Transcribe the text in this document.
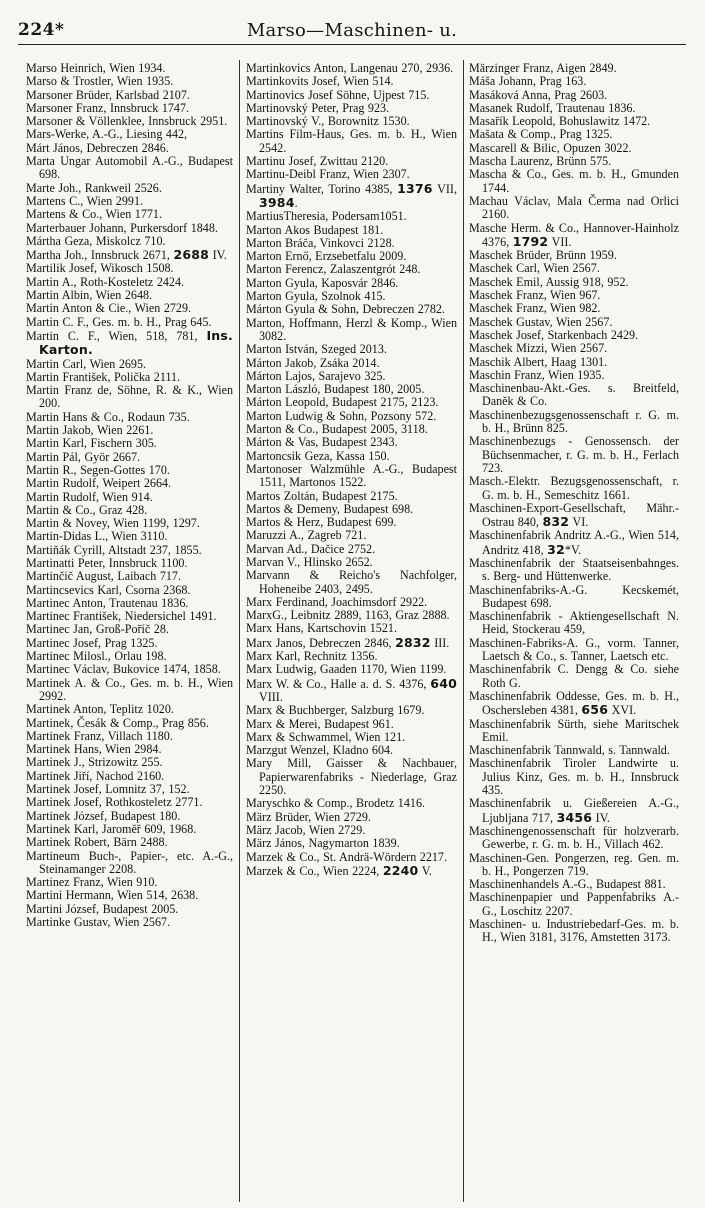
224*	Marso—Maschinen- u.

Marso Heinrich, Wien 1934.

Marso & Trostler, Wien 1935.

Marsoner Brüder, Karlsbad 2107.

Marsoner Franz, Innsbruck 1747.

Marsoner & Völlenklee, Innsbruck 2951.

Mars-Werke, A.-G., Liesing 442,

Márt János, Debreczen 2846.

Marta Ungar Automobil A.-G., Budapest 698.

Marte Joh., Rankweil 2526.

Martens C., Wien 2991.

Martens & Co., Wien 1771.

Marterbauer Johann, Purkersdorf 1848.

Mártha Geza, Miskolcz 710.

Martha Joh., Innsbruck 2671, 2688 IV.

Martilik Josef, Wikosch 1508.

Martin A., Roth-Kosteletz 2424.

Martin Albin, Wien 2648.

Martin Anton & Cie., Wien 2729.

Martin C. F., Ges. m. b. H., Prag 645.

Martin C. F., Wien, 518, 781, Ins. Karton.

Martin Carl, Wien 2695.

Martin František, Polička 2111.

Martin Franz de, Söhne, R. & K., Wien 200.

Martin Hans & Co., Rodaun 735.

Martin Jakob, Wien 2261.

Martin Karl, Fischern 305.

Martin Pál, Györ 2667.

Martin R., Segen-Gottes 170.

Martin Rudolf, Weipert 2664.

Martin Rudolf, Wien 914.

Martin & Co., Graz 428.

Martin & Novey, Wien 1199, 1297.

Martin-Didas L., Wien 3110.

Martiňák Cyrill, Altstadt 237, 1855.

Martinatti Peter, Innsbruck 1100.

Martinčič August, Laibach 717.

Martincsevics Karl, Csorna 2368.

Martinec Anton, Trautenau 1836.

Martinec František, Niedersichel 1491.

Martinec Jan, Groß-Poříč 28.

Martinec Josef, Prag 1325.

Martinec Milosl., Orlau 198.

Martinec Václav, Bukovice 1474, 1858.

Martinek A. & Co., Ges. m. b. H., Wien 2992.

Martinek Anton, Teplitz 1020.

Martinek, Česák & Comp., Prag 856.

Martinek Franz, Villach 1180.

Martinek Hans, Wien 2984.

Martinek J., Strizowitz 255.

Martinek Jiří, Nachod 2160.

Martinek Josef, Lomnitz 37, 152.

Martinek Josef, Rothkosteletz 2771.

Martinek József, Budapest 180.

Martinek Karl, Jaroměř 609, 1968.

Martinek Robert, Bärn 2488.

Martineum Buch-, Papier-, etc. A.-G., Steinamanger 2208.

Martinez Franz, Wien 910.

Martini Hermann, Wien 514, 2638.

Martini József, Budapest 2005.

Martinke Gustav, Wien 2567.

Martinkovics Anton, Langenau 270, 2936.

Martinkovits Josef, Wien 514.

Martinovics Josef Söhne, Ujpest 715.

Martinovský Peter, Prag 923.

Martinovský V., Borownitz 1530.

Martins Film-Haus, Ges. m. b. H., Wien 2542.

Martinu Josef, Zwittau 2120.

Martinu-Deibl Franz, Wien 2307.

Martiny Walter, Torino 4385, 1376 VII, 3984.

MartiusTheresia, Podersam1051.

Marton Akos Budapest 181.

Marton Bráča, Vinkovci 2128.

Marton Ernő, Erzsebetfalu 2009.

Marton Ferencz, Zalaszentgrót 248.

Marton Gyula, Kaposvár 2846.

Marton Gyula, Szolnok 415.

Márton Gyula & Sohn, Debreczen 2782.

Marton, Hoffmann, Herzl & Komp., Wien 3082.

Marton István, Szeged 2013.

Márton Jakob, Zsáka 2014.

Márton Lajos, Sarajevo 325.

Marton László, Budapest 180, 2005.

Márton Leopold, Budapest 2175, 2123.

Marton Ludwig & Sohn, Pozsony 572.

Marton & Co., Budapest 2005, 3118.

Márton & Vas, Budapest 2343.

Martoncsik Geza, Kassa 150.

Martonoser Walzmühle A.-G., Budapest 1511, Martonos 1522.

Martos Zoltán, Budapest 2175.

Martos & Demeny, Budapest 698.

Martos & Herz, Budapest 699.

Maruzzi A., Zagreb 721.

Marvan Ad., Dačice 2752.

Marvan V., Hlinsko 2652.

Marvann & Reicho's Nachfolger, Hoheneibe 2403, 2495.

Marx Ferdinand, Joachimsdorf 2922.

MarxG., Leibnitz 2889, 1163, Graz 2888.

Marx Hans, Kartschovin 1521.

Marx Janos, Debreczen 2846, 2832 III.

Marx Karl, Rechnitz 1356.

Marx Ludwig, Gaaden 1170, Wien 1199.

Marx W. & Co., Halle a. d. S. 4376, 640 VIII.

Marx & Buchberger, Salzburg 1679.

Marx & Merei, Budapest 961.

Marx & Schwammel, Wien 121.

Marzgut Wenzel, Kladno 604.

Mary Mill, Gaisser & Nachbauer, Papierwarenfabriks - Niederlage, Graz 2250.

Maryschko & Comp., Brodetz 1416.

März Brüder, Wien 2729.

März Jacob, Wien 2729.

März János, Nagymarton 1839.

Marzek & Co., St. Andrä-Wördern 2217.

Marzek & Co., Wien 2224, 2240 V.

Märzinger Franz, Aigen 2849.

Máša Johann, Prag 163.

Masáková Anna, Prag 2603.

Masanek Rudolf, Trautenau 1836.

Masařík Leopold, Bohuslawitz 1472.

Mašata & Comp., Prag 1325.

Mascarell & Bilic, Opuzen 3022.

Mascha Laurenz, Brünn 575.

Mascha & Co., Ges. m. b. H., Gmunden 1744.

Machau Václav, Mala Čerma nad Orlici 2160.

Masche Herm. & Co., Hannover-Hainholz 4376, 1792 VII.

Maschek Brüder, Brünn 1959.

Maschek Carl, Wien 2567.

Maschek Emil, Aussig 918, 952.

Maschek Franz, Wien 967.

Maschek Franz, Wien 982.

Maschek Gustav, Wien 2567.

Maschek Josef, Starkenbach 2429.

Maschek Mizzi, Wien 2567.

Maschik Albert, Haag 1301.

Maschin Franz, Wien 1935.

Maschinenbau-Akt.-Ges. s. Breitfeld, Daněk & Co.

Maschinenbezugsgenossenschaft r. G. m. b. H., Brünn 825.

Maschinenbezugs - Genossensch. der Büchsenmacher, r. G. m. b. H., Ferlach 723.

Masch.-Elektr. Bezugsgenossenschaft, r. G. m. b. H., Semeschitz 1661.

Maschinen-Export-Gesellschaft, Mähr.-Ostrau 840, 832 VI.

Maschinenfabrik Andritz A.-G., Wien 514, Andritz 418, 32*V.

Maschinenfabrik der Staatseisenbahnges. s. Berg- und Hüttenwerke.

Maschinenfabriks-A.-G. Kecskemét, Budapest 698.

Maschinenfabrik - Aktiengesellschaft N. Heid, Stockerau 459,

Maschinen-Fabriks-A. G., vorm. Tanner, Laetsch & Co., s. Tanner, Laetsch etc.

Maschinenfabrik C. Dengg & Co. siehe Roth G.

Maschinenfabrik Oddesse, Ges. m. b. H., Oschersleben 4381, 656 XVI.

Maschinenfabrik Sürth, siehe Maritschek Emil.

Maschinenfabrik Tannwald, s. Tannwald.

Maschinenfabrik Tiroler Landwirte u. Julius Kinz, Ges. m. b. H., Innsbruck 435.

Maschinenfabrik u. Gießereien A.-G., Ljubljana 717, 3456 IV.

Maschinengenossenschaft für holzverarb. Gewerbe, r. G. m. b. H., Villach 462.

Maschinen-Gen. Pongerzen, reg. Gen. m. b. H., Pongerzen 719.

Maschinenhandels A.-G., Budapest 881.

Maschinenpapier und Pappenfabriks A.-G., Loschitz 2207.

Maschinen- u. Industriebedarf-Ges. m. b. H., Wien 3181, 3176, Amstetten 3173.
